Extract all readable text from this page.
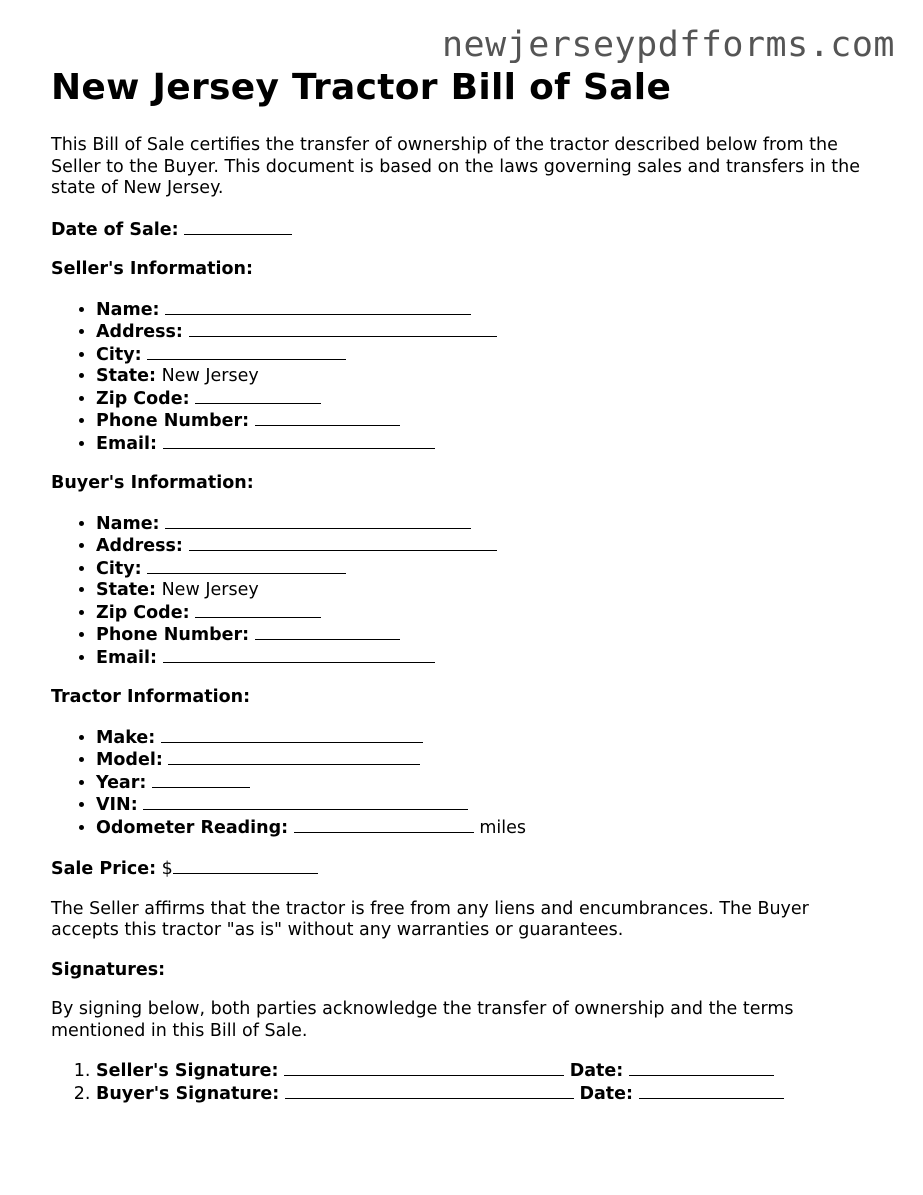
newjerseypdfforms.com
New Jersey Tractor Bill of Sale

This Bill of Sale certifies the transfer of ownership of the tractor described below from the Seller to the Buyer. This document is based on the laws governing sales and transfers in the state of New Jersey.

Date of Sale:

Seller's Information:

• Name:
• Address:
• City:
• State: New Jersey
• Zip Code:
• Phone Number:
• Email:

Buyer's Information:

• Name:
• Address:
• City:
• State: New Jersey
• Zip Code:
• Phone Number:
• Email:

Tractor Information:

• Make:
• Model:
• Year:
• VIN:
• Odometer Reading:	miles

Sale Price: $

The Seller affirms that the tractor is free from any liens and encumbrances. The Buyer accepts this tractor "as is" without any warranties or guarantees.

Signatures:

By signing below, both parties acknowledge the transfer of ownership and the terms mentioned in this Bill of Sale.

1. Seller's Signature:	Date:
2. Buyer's Signature:	Date:
